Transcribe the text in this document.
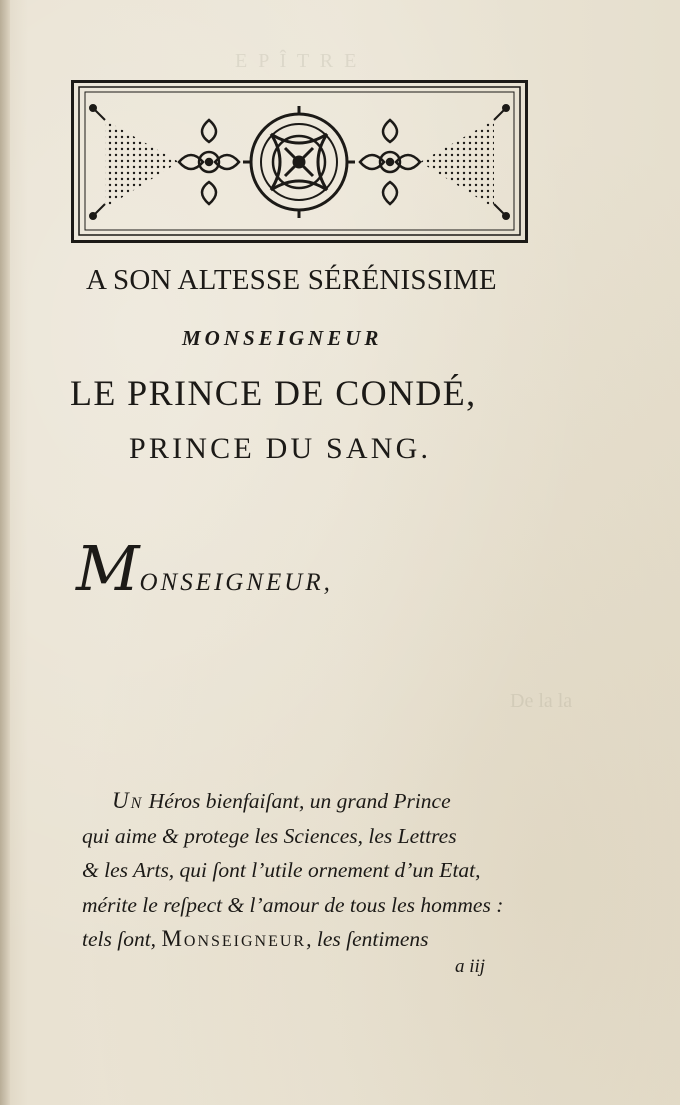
E P Î T R E
De la la
A SON ALTESSE SÉRÉNISSIME
MONSEIGNEUR
LE PRINCE DE CONDÉ,
PRINCE DU SANG.
MONSEIGNEUR,
Un Héros bienfaiſant, un grand Prince
qui aime & protege les Sciences, les Lettres
& les Arts, qui ſont l’utile ornement d’un Etat,
mérite le reſpect & l’amour de tous les hommes :
tels ſont, Monseigneur, les ſentimens
a iij
